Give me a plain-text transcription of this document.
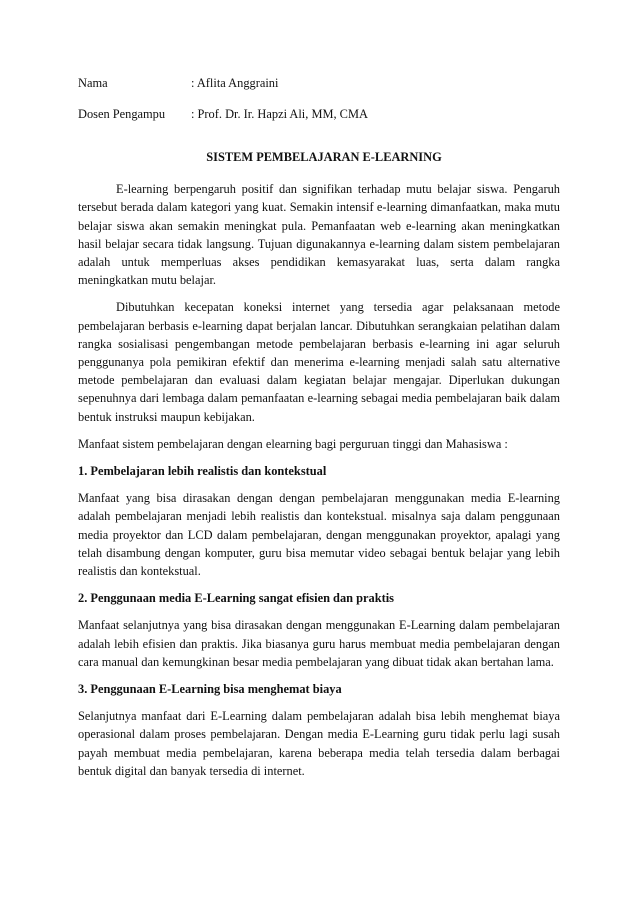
Nama	: Aflita Anggraini
Dosen Pengampu	: Prof. Dr. Ir. Hapzi Ali, MM, CMA
SISTEM PEMBELAJARAN E-LEARNING

E-learning berpengaruh positif dan signifikan terhadap mutu belajar siswa. Pengaruh tersebut berada dalam kategori yang kuat. Semakin intensif e-learning dimanfaatkan, maka mutu belajar siswa akan semakin meningkat pula. Pemanfaatan web e-learning akan meningkatkan hasil belajar secara tidak langsung. Tujuan digunakannya e-learning dalam sistem pembelajaran adalah untuk memperluas akses pendidikan kemasyarakat luas, serta dalam rangka meningkatkan mutu belajar.

Dibutuhkan kecepatan koneksi internet yang tersedia agar pelaksanaan metode pembelajaran berbasis e-learning dapat berjalan lancar. Dibutuhkan serangkaian pelatihan dalam rangka sosialisasi pengembangan metode pembelajaran berbasis e-learning ini agar seluruh penggunanya pola pemikiran efektif dan menerima e-learning menjadi salah satu alternative metode pembelajaran dan evaluasi dalam kegiatan belajar mengajar. Diperlukan dukungan sepenuhnya dari lembaga dalam pemanfaatan e-learning sebagai media pembelajaran baik dalam bentuk instruksi maupun kebijakan.

Manfaat sistem pembelajaran dengan elearning bagi perguruan tinggi dan Mahasiswa :

1. Pembelajaran lebih realistis dan kontekstual

Manfaat yang bisa dirasakan dengan dengan pembelajaran menggunakan media E-learning adalah pembelajaran menjadi lebih realistis dan kontekstual. misalnya saja dalam penggunaan media proyektor dan LCD dalam pembelajaran, dengan menggunakan proyektor, apalagi yang telah disambung dengan komputer, guru bisa memutar video sebagai bentuk belajar yang lebih realistis dan kontekstual.

2. Penggunaan media E-Learning sangat efisien dan praktis

Manfaat selanjutnya yang bisa dirasakan dengan menggunakan E-Learning dalam pembelajaran adalah lebih efisien dan praktis. Jika biasanya guru harus membuat media pembelajaran dengan cara manual dan kemungkinan besar media pembelajaran yang dibuat tidak akan bertahan lama.

3. Penggunaan E-Learning bisa menghemat biaya

Selanjutnya manfaat dari E-Learning dalam pembelajaran adalah bisa lebih menghemat biaya operasional dalam proses pembelajaran. Dengan media E-Learning guru tidak perlu lagi susah payah membuat media pembelajaran, karena beberapa media telah tersedia dalam berbagai bentuk digital dan banyak tersedia di internet.
